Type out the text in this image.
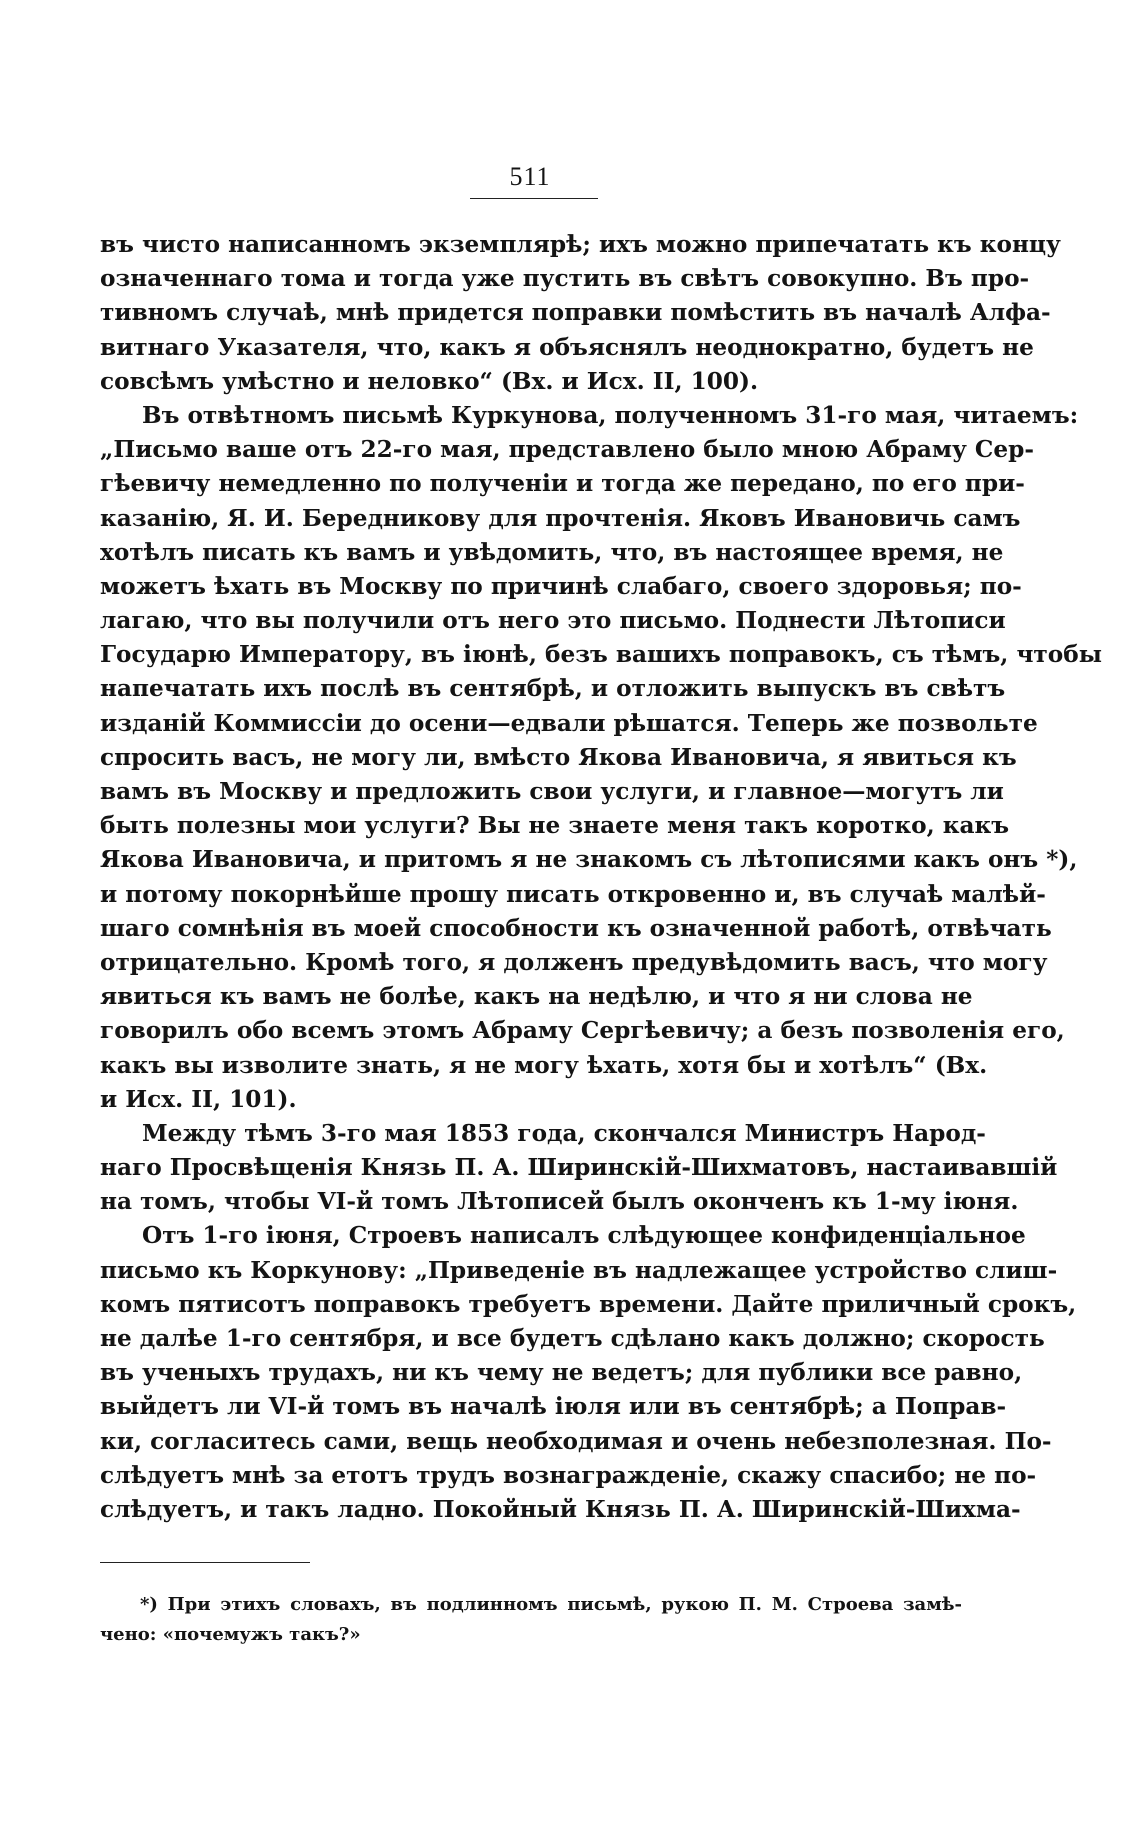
511
въ чисто написанномъ экземплярѣ; ихъ можно припечатать къ концу
означеннаго тома и тогда уже пустить въ свѣтъ совокупно. Въ про-
тивномъ случаѣ, мнѣ придется поправки помѣстить въ началѣ Алфа-
витнаго Указателя, что, какъ я объяснялъ неоднократно, будетъ не
совсѣмъ умѣстно и неловко“ (Вх. и Исх. II, 100).
Въ отвѣтномъ письмѣ Куркунова, полученномъ 31-го мая, читаемъ:
„Письмо ваше отъ 22-го мая, представлено было мною Абраму Сер-
гѣевичу немедленно по полученіи и тогда же передано, по его при-
казанію, Я. И. Бередникову для прочтенія. Яковъ Ивановичь самъ
хотѣлъ писать къ вамъ и увѣдомить, что, въ настоящее время, не
можетъ ѣхать въ Москву по причинѣ слабаго, своего здоровья; по-
лагаю, что вы получили отъ него это письмо. Поднести Лѣтописи
Государю Императору, въ іюнѣ, безъ вашихъ поправокъ, съ тѣмъ, чтобы
напечатать ихъ послѣ въ сентябрѣ, и отложить выпускъ въ свѣтъ
изданій Коммиссіи до осени—едвали рѣшатся. Теперь же позвольте
спросить васъ, не могу ли, вмѣсто Якова Ивановича, я явиться къ
вамъ въ Москву и предложить свои услуги, и главное—могутъ ли
быть полезны мои услуги? Вы не знаете меня такъ коротко, какъ
Якова Ивановича, и притомъ я не знакомъ съ лѣтописями какъ онъ *),
и потому покорнѣйше прошу писать откровенно и, въ случаѣ малѣй-
шаго сомнѣнія въ моей способности къ означенной работѣ, отвѣчать
отрицательно. Кромѣ того, я долженъ предувѣдомить васъ, что могу
явиться къ вамъ не болѣе, какъ на недѣлю, и что я ни слова не
говорилъ обо всемъ этомъ Абраму Сергѣевичу; а безъ позволенія его,
какъ вы изволите знать, я не могу ѣхать, хотя бы и хотѣлъ“ (Вх.
и Исх. II, 101).
Между тѣмъ 3-го мая 1853 года, скончался Министръ Народ-
наго Просвѣщенія Князь П. А. Ширинскій-Шихматовъ, настаивавшій
на томъ, чтобы VI-й томъ Лѣтописей былъ оконченъ къ 1-му іюня.
Отъ 1-го іюня, Строевъ написалъ слѣдующее конфиденціальное
письмо къ Коркунову: „Приведеніе въ надлежащее устройство слиш-
комъ пятисотъ поправокъ требуетъ времени. Дайте приличный срокъ,
не далѣе 1-го сентября, и все будетъ сдѣлано какъ должно; скорость
въ ученыхъ трудахъ, ни къ чему не ведетъ; для публики все равно,
выйдетъ ли VI-й томъ въ началѣ іюля или въ сентябрѣ; а Поправ-
ки, согласитесь сами, вещь необходимая и очень небезполезная. По-
слѣдуетъ мнѣ за етотъ трудъ вознагражденіе, скажу спасибо; не по-
слѣдуетъ, и такъ ладно. Покойный Князь П. А. Ширинскій-Шихма-
*) При этихъ словахъ, въ подлинномъ письмѣ, рукою П. М. Строева замѣ-
чено: «почемужъ такъ?»
